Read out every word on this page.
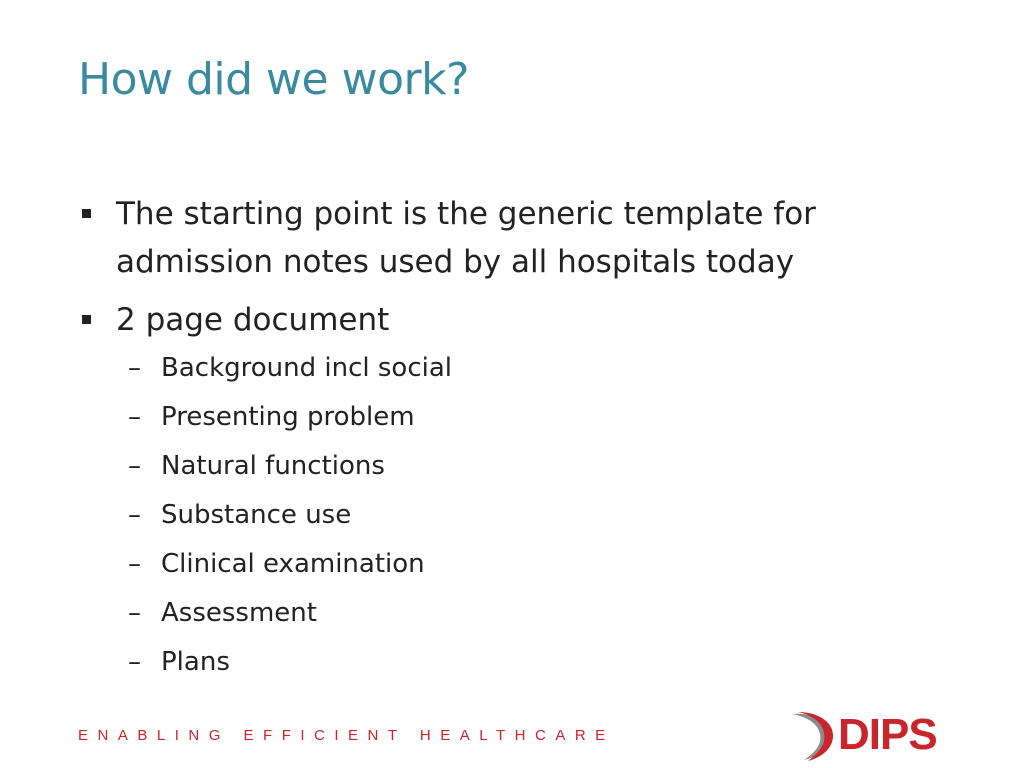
How did we work?
The starting point is the generic template for admission notes used by all hospitals today
2 page document
– Background incl social
– Presenting problem
– Natural functions
– Substance use
– Clinical examination
– Assessment
– Plans
ENABLING EFFICIENT HEALTHCARE	DIPS
